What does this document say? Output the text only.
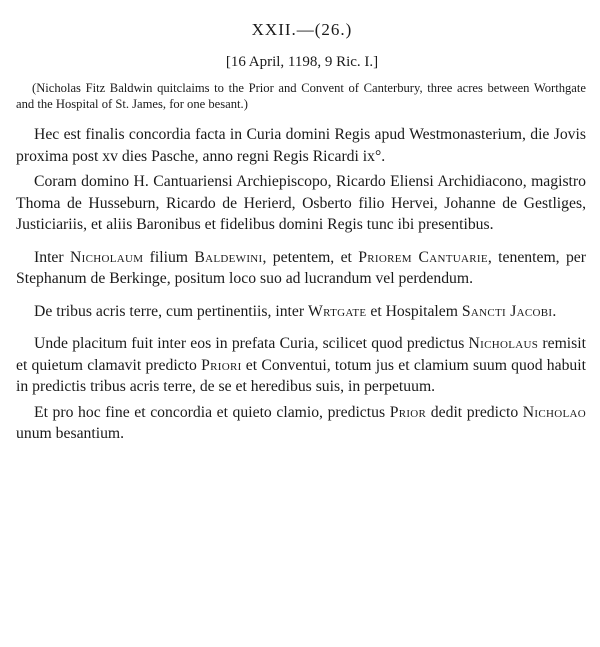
XXII.—(26.)
[16 April, 1198, 9 Ric. I.]
(Nicholas Fitz Baldwin quitclaims to the Prior and Convent of Canterbury, three acres between Worthgate and the Hospital of St. James, for one besant.)

Hec est finalis concordia facta in Curia domini Regis apud Westmonasterium, die Jovis proxima post xv dies Pasche, anno regni Regis Ricardi ix°.

Coram domino H. Cantuariensi Archiepiscopo, Ricardo Eliensi Archidiacono, magistro Thoma de Husseburn, Ricardo de Herierd, Osberto filio Hervei, Johanne de Gestliges, Justiciariis, et aliis Baronibus et fidelibus domini Regis tunc ibi presentibus.

Inter Nicholaum filium Baldewini, petentem, et Priorem Cantuarie, tenentem, per Stephanum de Berkinge, positum loco suo ad lucrandum vel perdendum.

De tribus acris terre, cum pertinentiis, inter Wrtgate et Hospitalem Sancti Jacobi.

Unde placitum fuit inter eos in prefata Curia, scilicet quod predictus Nicholaus remisit et quietum clamavit predicto Priori et Conventui, totum jus et clamium suum quod habuit in predictis tribus acris terre, de se et heredibus suis, in perpetuum.

Et pro hoc fine et concordia et quieto clamio, predictus Prior dedit predicto Nicholao unum besantium.
